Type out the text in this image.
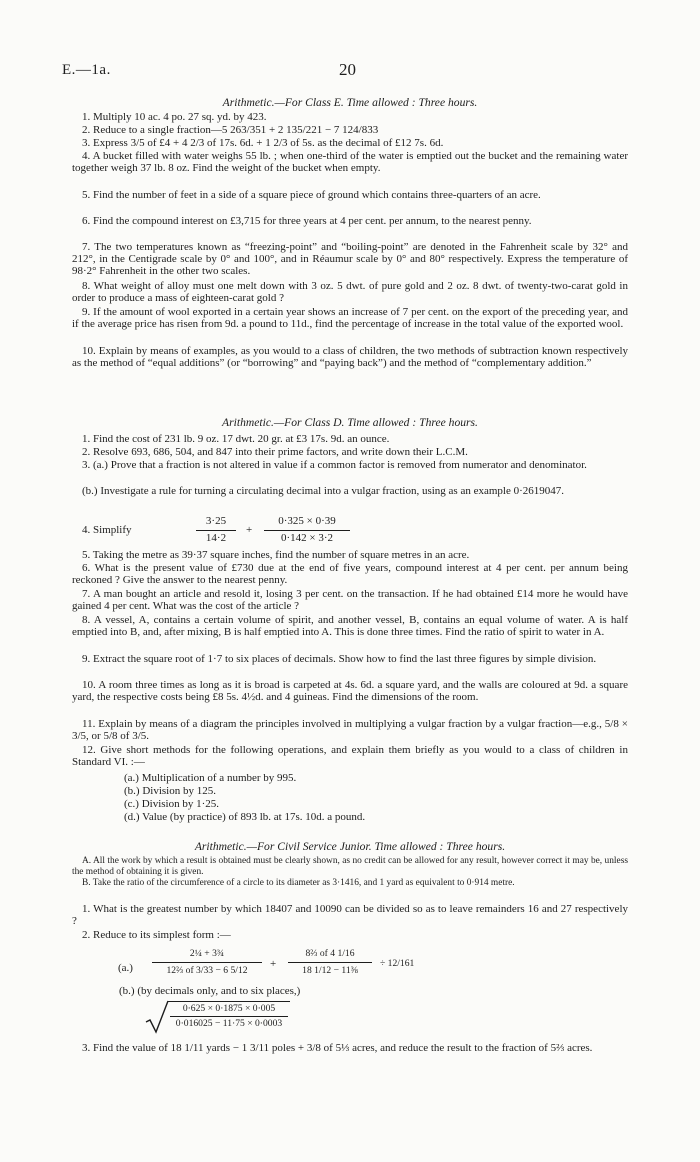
E.—1a.	20
Arithmetic.—For Class E. Time allowed : Three hours.

1. Multiply 10 ac. 4 po. 27 sq. yd. by 423.

2. Reduce to a single fraction—5 263/351 + 2 135/221 − 7 124/833

3. Express 3/5 of £4 + 4 2/3 of 17s. 6d. + 1 2/3 of 5s. as the decimal of £12 7s. 6d.

4. A bucket filled with water weighs 55 lb. ; when one-third of the water is emptied out the bucket and the remaining water together weigh 37 lb. 8 oz. Find the weight of the bucket when empty.

5. Find the number of feet in a side of a square piece of ground which contains three-quarters of an acre.

6. Find the compound interest on £3,715 for three years at 4 per cent. per annum, to the nearest penny.

7. The two temperatures known as “freezing-point” and “boiling-point” are denoted in the Fahrenheit scale by 32° and 212°, in the Centigrade scale by 0° and 100°, and in Réaumur scale by 0° and 80° respectively. Express the temperature of 98·2° Fahrenheit in the other two scales.

8. What weight of alloy must one melt down with 3 oz. 5 dwt. of pure gold and 2 oz. 8 dwt. of twenty-two-carat gold in order to produce a mass of eighteen-carat gold ?

9. If the amount of wool exported in a certain year shows an increase of 7 per cent. on the export of the preceding year, and if the average price has risen from 9d. a pound to 11d., find the percentage of increase in the total value of the exported wool.

10. Explain by means of examples, as you would to a class of children, the two methods of subtraction known respectively as the method of “equal additions” (or “borrowing” and “paying back”) and the method of “complementary addition.”

Arithmetic.—For Class D. Time allowed : Three hours.

1. Find the cost of 231 lb. 9 oz. 17 dwt. 20 gr. at £3 17s. 9d. an ounce.

2. Resolve 693, 686, 504, and 847 into their prime factors, and write down their L.C.M.

3. (a.) Prove that a fraction is not altered in value if a common factor is removed from numerator and denominator.

(b.) Investigate a rule for turning a circulating decimal into a vulgar fraction, using as an example 0·2619047.

4. Simplify
3·25
14·2
+
0·325 × 0·39
0·142 × 3·2

5. Taking the metre as 39·37 square inches, find the number of square metres in an acre.

6. What is the present value of £730 due at the end of five years, compound interest at 4 per cent. per annum being reckoned ? Give the answer to the nearest penny.

7. A man bought an article and resold it, losing 3 per cent. on the transaction. If he had obtained £14 more he would have gained 4 per cent. What was the cost of the article ?

8. A vessel, A, contains a certain volume of spirit, and another vessel, B, contains an equal volume of water. A is half emptied into B, and, after mixing, B is half emptied into A. This is done three times. Find the ratio of spirit to water in A.

9. Extract the square root of 1·7 to six places of decimals. Show how to find the last three figures by simple division.

10. A room three times as long as it is broad is carpeted at 4s. 6d. a square yard, and the walls are coloured at 9d. a square yard, the respective costs being £8 5s. 4½d. and 4 guineas. Find the dimensions of the room.

11. Explain by means of a diagram the principles involved in multiplying a vulgar fraction by a vulgar fraction—e.g., 5/8 × 3/5, or 5/8 of 3/5.

12. Give short methods for the following operations, and explain them briefly as you would to a class of children in Standard VI. :—

(a.) Multiplication of a number by 995.
(b.) Division by 125.
(c.) Division by 1·25.
(d.) Value (by practice) of 893 lb. at 17s. 10d. a pound.
Arithmetic.—For Civil Service Junior. Time allowed : Three hours.
A. All the work by which a result is obtained must be clearly shown, as no credit can be allowed for any result, however correct it may be, unless the method of obtaining it is given.
B. Take the ratio of the circumference of a circle to its diameter as 3·1416, and 1 yard as equivalent to 0·914 metre.

1. What is the greatest number by which 18407 and 10090 can be divided so as to leave remainders 16 and 27 respectively ?

2. Reduce to its simplest form :—

(a.)
2¼ + 3¾
12⅔ of 3/33 − 6 5/12
+
8⅔ of 4 1/16
18 1/12 − 11⅜
÷ 12/161
(b.) (by decimals only, and to six places,)
0·625 × 0·1875 × 0·005
0·016025 − 11·75 × 0·0003

3. Find the value of 18 1/11 yards − 1 3/11 poles + 3/8 of 5⅓ acres, and reduce the result to the fraction of 5⅔ acres.
